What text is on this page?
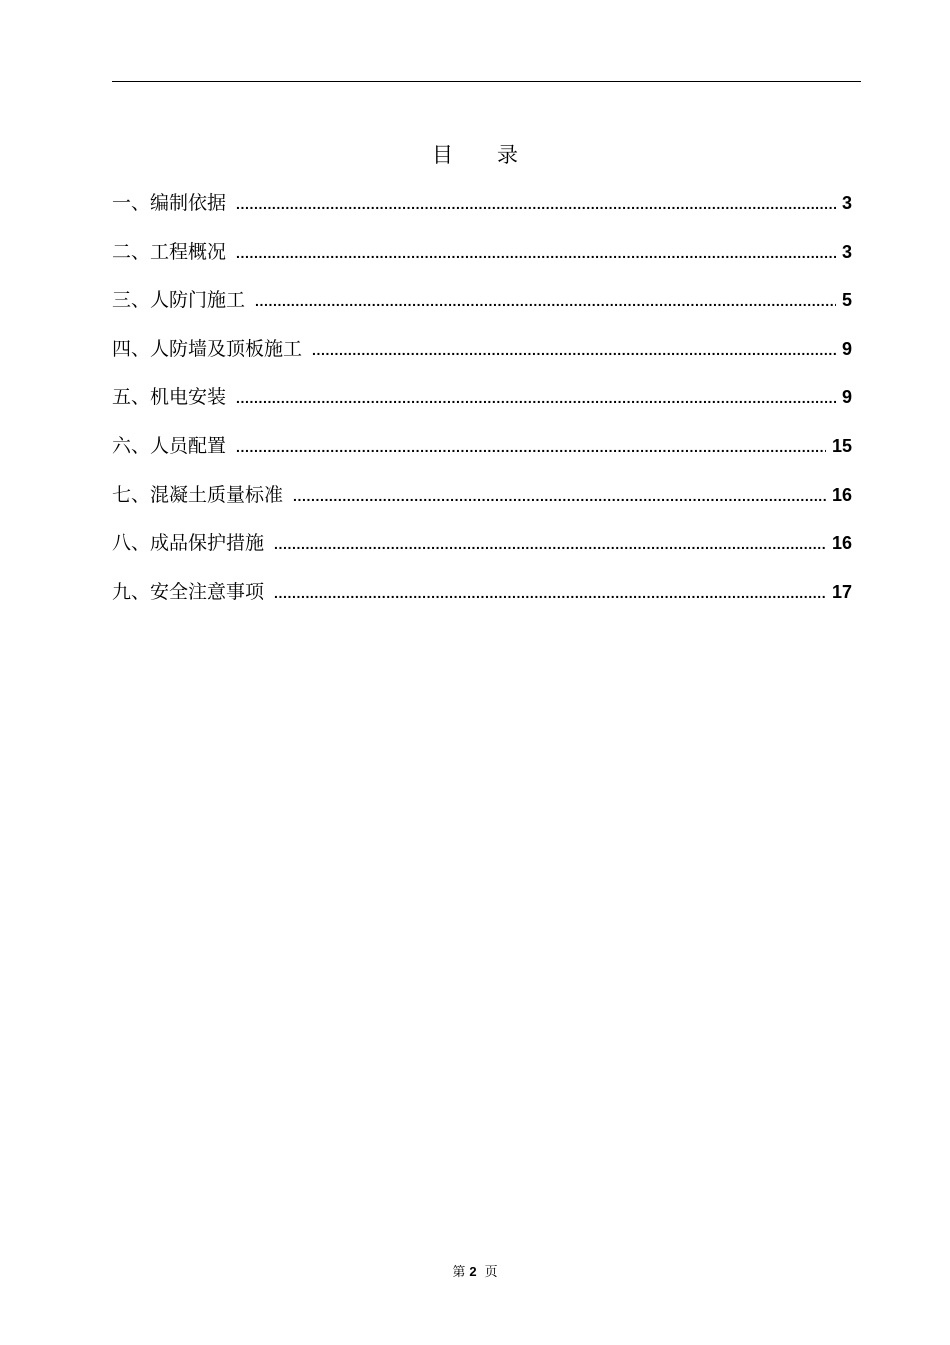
目 录
一、编制依据 .....	3
二、工程概况 .....	3
三、人防门施工 .....	5
四、人防墙及顶板施工 .....	9
五、机电安装 .....	9
六、人员配置 .....	15
七、混凝土质量标准 .....	16
八、成品保护措施 .....	16
九、安全注意事项 .....	17
第 2 页
